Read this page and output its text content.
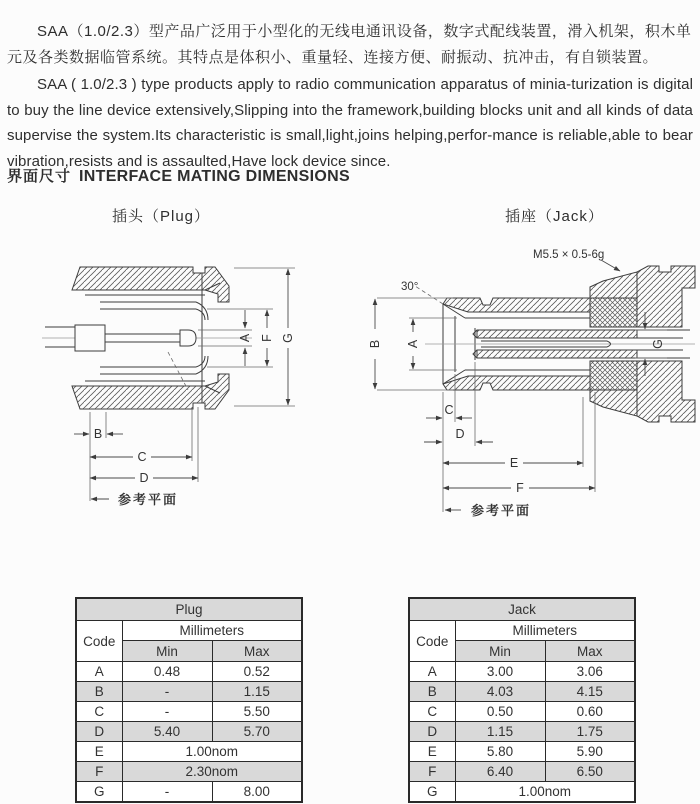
SAA（1.0/2.3）型产品广泛用于小型化的无线电通讯设备，数字式配线装置，滑入机架，积木单元及各类数据临管系统。其特点是体积小、重量轻、连接方便、耐振动、抗冲击，有自锁装置。

SAA ( 1.0/2.3 ) type products apply to radio communication apparatus of minia-turization is digital to buy the line device extensively,Slipping into the framework,building blocks unit and all kinds of data supervise the system.Its characteristic is small,light,joins helping,perfor-mance is reliable,able to bear vibration,resists and is assaulted,Have lock device since.

界面尺寸 INTERFACE MATING DIMENSIONS
插头（Plug）	插座（Jack）
A F G
B
C
D
参考平面
30°
M5.5 × 0.5-6g
B A	G
C
D
E
F
参考平面
Plug		
Code	Millimeters	
	Min	Max
A	0.48	0.52
B	-	1.15
C	-	5.50
D	5.40	5.70
E	1.00nom	
F	2.30nom	
G	-	8.00
Jack		
Code	Millimeters	
	Min	Max
A	3.00	3.06
B	4.03	4.15
C	0.50	0.60
D	1.15	1.75
E	5.80	5.90
F	6.40	6.50
G	1.00nom	
